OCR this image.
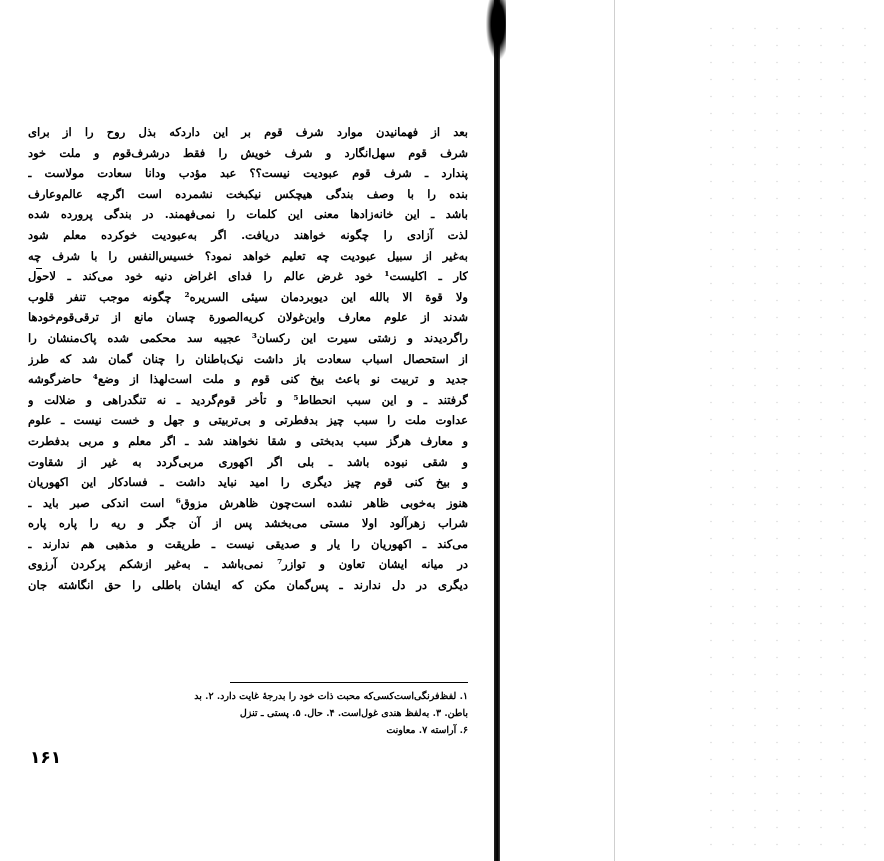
بعد از فهمانیدن موارد شرف قوم بر این داردکه بذل روح را از برای
شرف قوم سهل‌انگارد و شرف خویش را فقط درشرف‌قوم و ملت خود
پندارد ـ شرف قوم عبودیت نیست؟؟ عبد مؤدب ودانا سعادت مولاست ـ
بنده را با وصف بندگی هیچکس نیکبخت نشمرده است اگرچه عالم‌وعارف
باشد ـ این خانه‌زادها معنی این کلمات را نمی‌فهمند. در بندگی پرورده شده
لذت آزادی را چگونه خواهند دریافت. اگر به‌عبودیت خوکرده معلم شود
به‌غیر از سبیل عبودیت چه تعلیم خواهد نمود؟ خسیس‌النفس را با شرف چه
کار ـ اکلیست¹ خود غرض عالم را فدای اغراض دنیه خود می‌کند ـ لاحول
ولا قوة الا بالله این دیوبردمان سیئی السریره² چگونه موجب تنفر قلوب
شدند از علوم معارف واین‌غولان کریه‌الصورة چسان مانع از ترقی‌قوم‌خودها
راگردیدند و زشتی سیرت این رکسان³ عجیبه سد محکمی شده پاک‌منشان را
از استحصال اسباب سعادت باز داشت نیک‌باطنان را چنان گمان شد که طرز
جدید و تربیت نو باعث بیخ کنی قوم و ملت است‌لهذا از وضع⁴ حاضرگوشه
گرفتند ـ و این سبب انحطاط⁵ و تأخر قوم‌گردید ـ نه تنگدراهی و ضلالت و
عداوت ملت را سبب چیز بدفطرتی و بی‌تربیتی و جهل و خست نیست ـ علوم
و معارف هرگز سبب بدبختی و شقا نخواهند شد ـ اگر معلم و مربی بدفطرت
و شقی نبوده باشد ـ بلی اگر اکهوری مربی‌گردد به غیر از شقاوت
و بیخ کنی قوم چیز دیگری را امید نباید داشت ـ فسادکار این اکهوریان
هنوز به‌خوبی ظاهر نشده است‌چون ظاهرش مزوق⁶ است اندکی صبر باید ـ
شراب زهرآلود اولا مستی می‌بخشد پس از آن جگر و ریه را پاره پاره
می‌کند ـ اکهوریان را یار و صدیقی نیست ـ طریقت و مذهبی هم ندارند ـ
در میانه ایشان تعاون و توازر⁷ نمی‌باشد ـ به‌غیر ازشکم پرکردن آرزوی
دیگری در دل ندارند ـ پس‌گمان مکن که ایشان باطلی را حق انگاشته جان
۱. لفظ‌فرنگی‌است‌کسی‌که محبت ذات خود را بدرجهٔ غایت دارد. ۲. بد
باطن. ۳. به‌لفظ هندی غول‌است. ۴. حال. ۵. پستی ـ تنزل
۶. آراسته ۷. معاونت
۱۶۱
